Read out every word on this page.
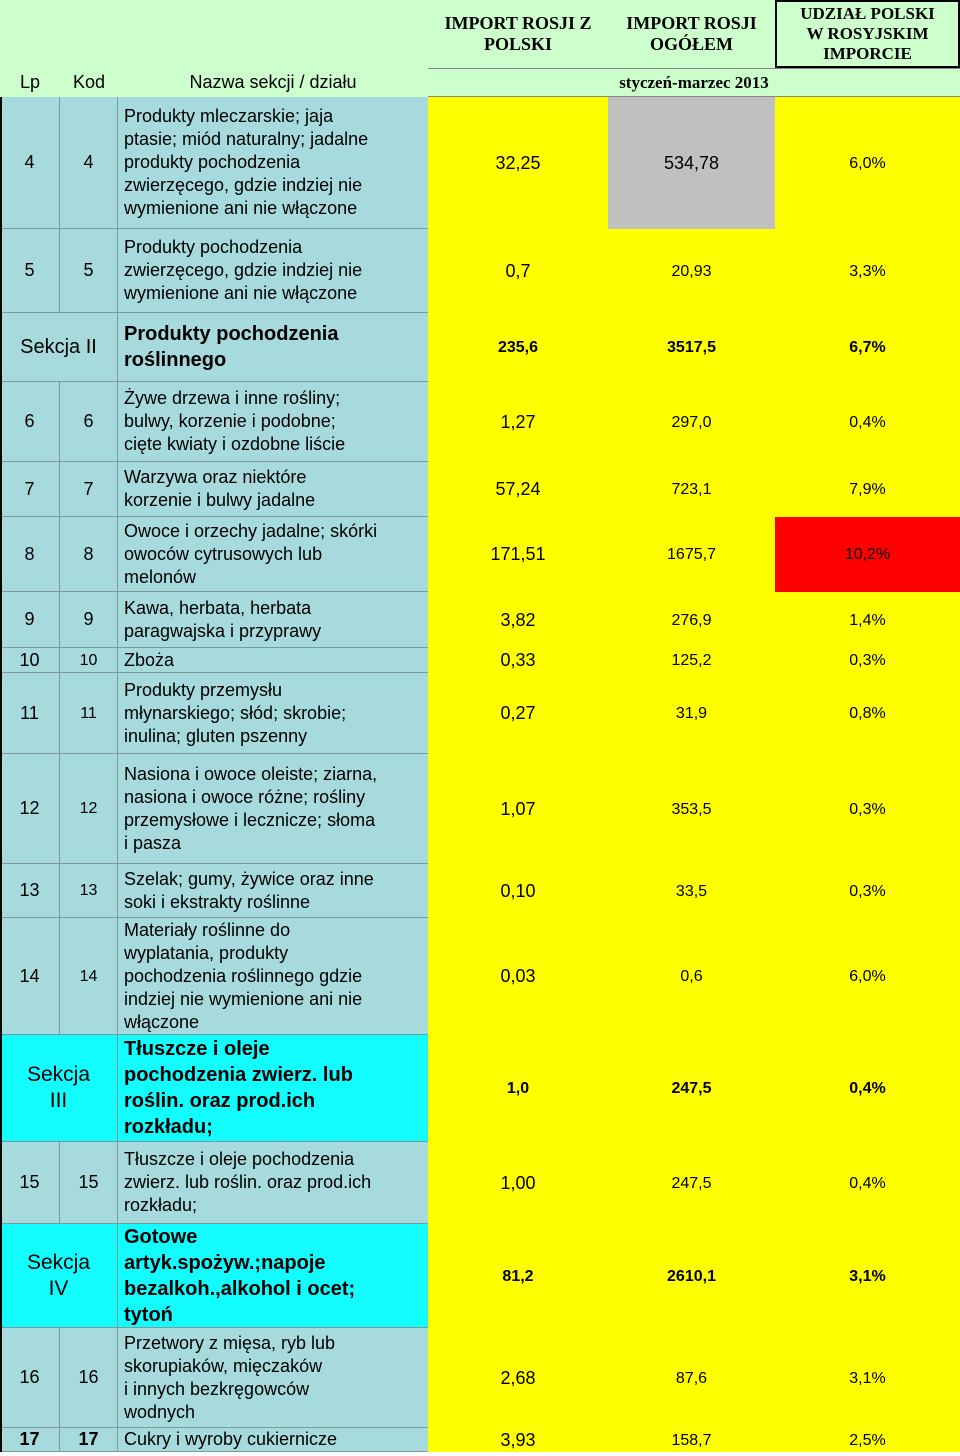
Lp Kod	Nazwa sekcji / działu
IMPORT ROSJI Z
POLSKI
IMPORT ROSJI
OGÓŁEM
UDZIAŁ POLSKI
W ROSYJSKIM
IMPORCIE
styczeń-marzec 2013
4	4
Produkty mleczarskie; jaja
ptasie; miód naturalny; jadalne
produkty pochodzenia
zwierzęcego, gdzie indziej nie
wymienione ani nie włączone
32,25	534,78	6,0%
5	5
Produkty pochodzenia
zwierzęcego, gdzie indziej nie
wymienione ani nie włączone
0,7	20,93	3,3%
Sekcja II
Produkty pochodzenia
roślinnego
235,6	3517,5	6,7%
6	6
Żywe drzewa i inne rośliny;
bulwy, korzenie i podobne;
cięte kwiaty i ozdobne liście
1,27	297,0	0,4%
7	7
Warzywa oraz niektóre
korzenie i bulwy jadalne
57,24	723,1	7,9%
8	8
Owoce i orzechy jadalne; skórki
owoców cytrusowych lub
melonów
171,51	1675,7	10,2%
9	9
Kawa, herbata, herbata
paragwajska i przyprawy
3,82	276,9	1,4%
10	10 Zboża	0,33	125,2	0,3%
11	11
Produkty przemysłu
młynarskiego; słód; skrobie;
inulina; gluten pszenny
0,27	31,9	0,8%
12	12
Nasiona i owoce oleiste; ziarna,
nasiona i owoce różne; rośliny
przemysłowe i lecznicze; słoma
i pasza
1,07	353,5	0,3%
13	13
Szelak; gumy, żywice oraz inne
soki i ekstrakty roślinne
0,10	33,5	0,3%
14	14
Materiały roślinne do
wyplatania, produkty
pochodzenia roślinnego gdzie
indziej nie wymienione ani nie
włączone
0,03	0,6	6,0%
Sekcja
III
Tłuszcze i oleje
pochodzenia zwierz. lub
roślin. oraz prod.ich
rozkładu;
1,0	247,5	0,4%
15 15
Tłuszcze i oleje pochodzenia
zwierz. lub roślin. oraz prod.ich
rozkładu;
1,00	247,5	0,4%
Sekcja
IV
Gotowe
artyk.spożyw.;napoje
bezalkoh.,alkohol i ocet;
tytoń
81,2	2610,1	3,1%
16 16
Przetwory z mięsa, ryb lub
skorupiaków, mięczaków
i innych bezkręgowców
wodnych
2,68	87,6	3,1%
17 17 Cukry i wyroby cukiernicze	3,93	158,7	2,5%
